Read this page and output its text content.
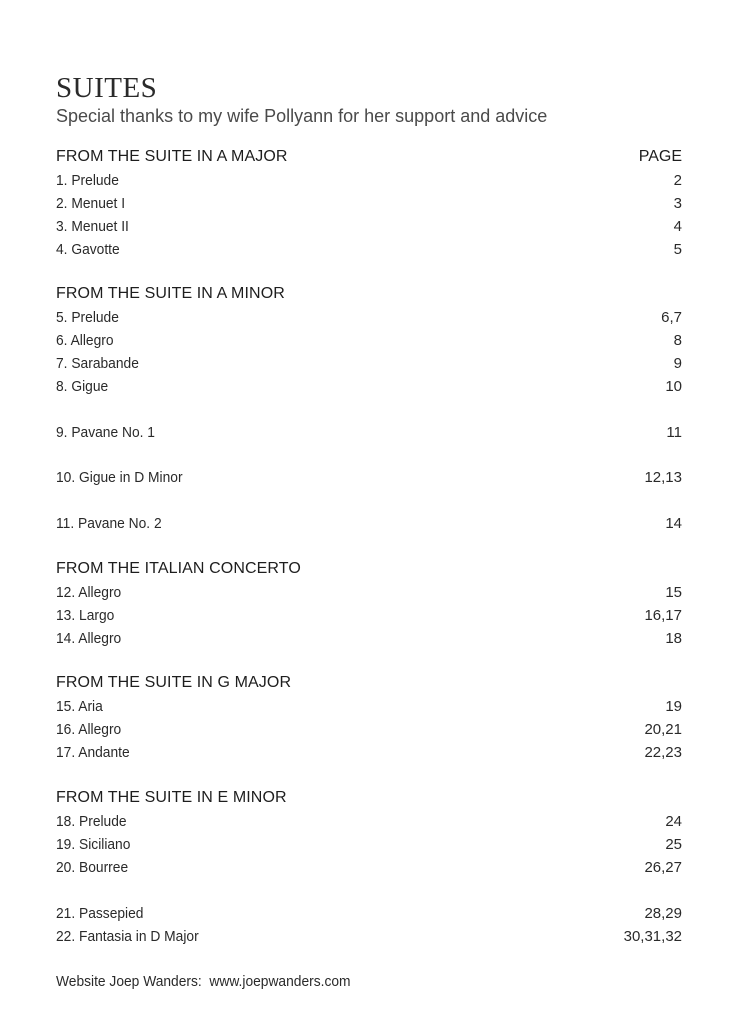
SUITES
Special thanks to my wife Pollyann for her support and advice
FROM THE SUITE IN A MAJOR	PAGE
1. Prelude	2
2. Menuet I	3
3. Menuet II	4
4. Gavotte	5
FROM THE SUITE IN A MINOR
5. Prelude	6,7
6. Allegro	8
7. Sarabande	9
8. Gigue	10
9. Pavane No. 1	11
10. Gigue in D Minor	12,13
11. Pavane No. 2	14
FROM THE ITALIAN CONCERTO
12. Allegro	15
13. Largo	16,17
14. Allegro	18
FROM THE SUITE IN G MAJOR
15. Aria	19
16. Allegro	20,21
17. Andante	22,23
FROM THE SUITE IN E MINOR
18. Prelude	24
19. Siciliano	25
20. Bourree	26,27
21. Passepied	28,29
22. Fantasia in D Major	30,31,32
Website Joep Wanders:  www.joepwanders.com
